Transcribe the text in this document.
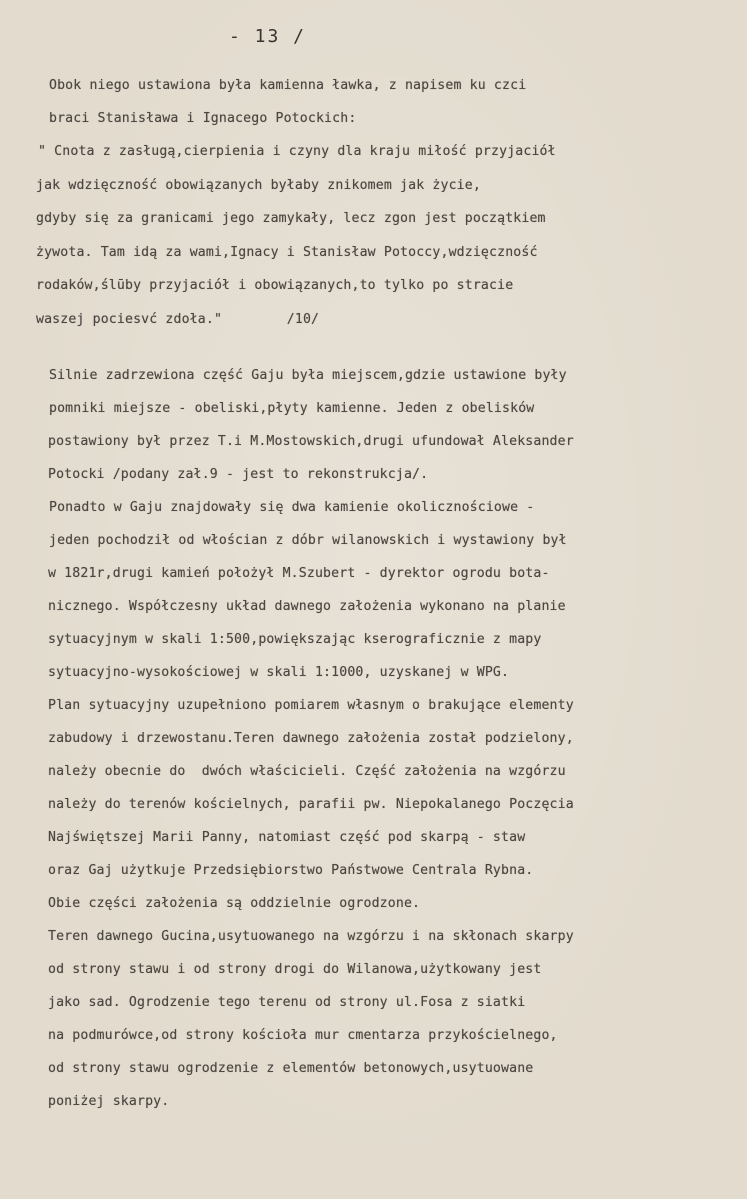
- 13 /
Obok niego ustawiona była kamienna ławka, z napisem ku czci
braci Stanisława i Ignacego Potockich:
" Cnota z zasługą,cierpienia i czyny dla kraju miłość przyjaciół
jak wdzięczność obowiązanych byłaby znikomem jak życie,
gdyby się za granicami jego zamykały, lecz zgon jest początkiem
żywota. Tam idą za wami,Ignacy i Stanisław Potoccy,wdzięczność
rodaków,ślūby przyjaciół i obowiązanych,to tylko po stracie
waszej pociesvć zdoła."        /10/
Silnie zadrzewiona część Gaju była miejscem,gdzie ustawione były
pomniki miejsze - obeliski,płyty kamienne. Jeden z obelisków
postawiony był przez T.i M.Mostowskich,drugi ufundował Aleksander
Potocki /podany zał.9 - jest to rekonstrukcja/.
Ponadto w Gaju znajdowały się dwa kamienie okolicznościowe -
jeden pochodził od włościan z dóbr wilanowskich i wystawiony był
w 1821r,drugi kamień położył M.Szubert - dyrektor ogrodu bota-
nicznego. Współczesny układ dawnego założenia wykonano na planie
sytuacyjnym w skali 1:500,powiększając kserograficznie z mapy
sytuacyjno-wysokościowej w skali 1:1000, uzyskanej w WPG.
Plan sytuacyjny uzupełniono pomiarem własnym o brakujące elementy
zabudowy i drzewostanu.Teren dawnego założenia został podzielony,
należy obecnie do  dwóch właścicieli. Część założenia na wzgórzu
należy do terenów kościelnych, parafii pw. Niepokalanego Poczęcia
Najświętszej Marii Panny, natomiast część pod skarpą - staw
oraz Gaj użytkuje Przedsiębiorstwo Państwowe Centrala Rybna.
Obie części założenia są oddzielnie ogrodzone.
Teren dawnego Gucina,usytuowanego na wzgórzu i na skłonach skarpy
od strony stawu i od strony drogi do Wilanowa,użytkowany jest
jako sad. Ogrodzenie tego terenu od strony ul.Fosa z siatki
na podmurówce,od strony kościoła mur cmentarza przykościelnego,
od strony stawu ogrodzenie z elementów betonowych,usytuowane
poniżej skarpy.
